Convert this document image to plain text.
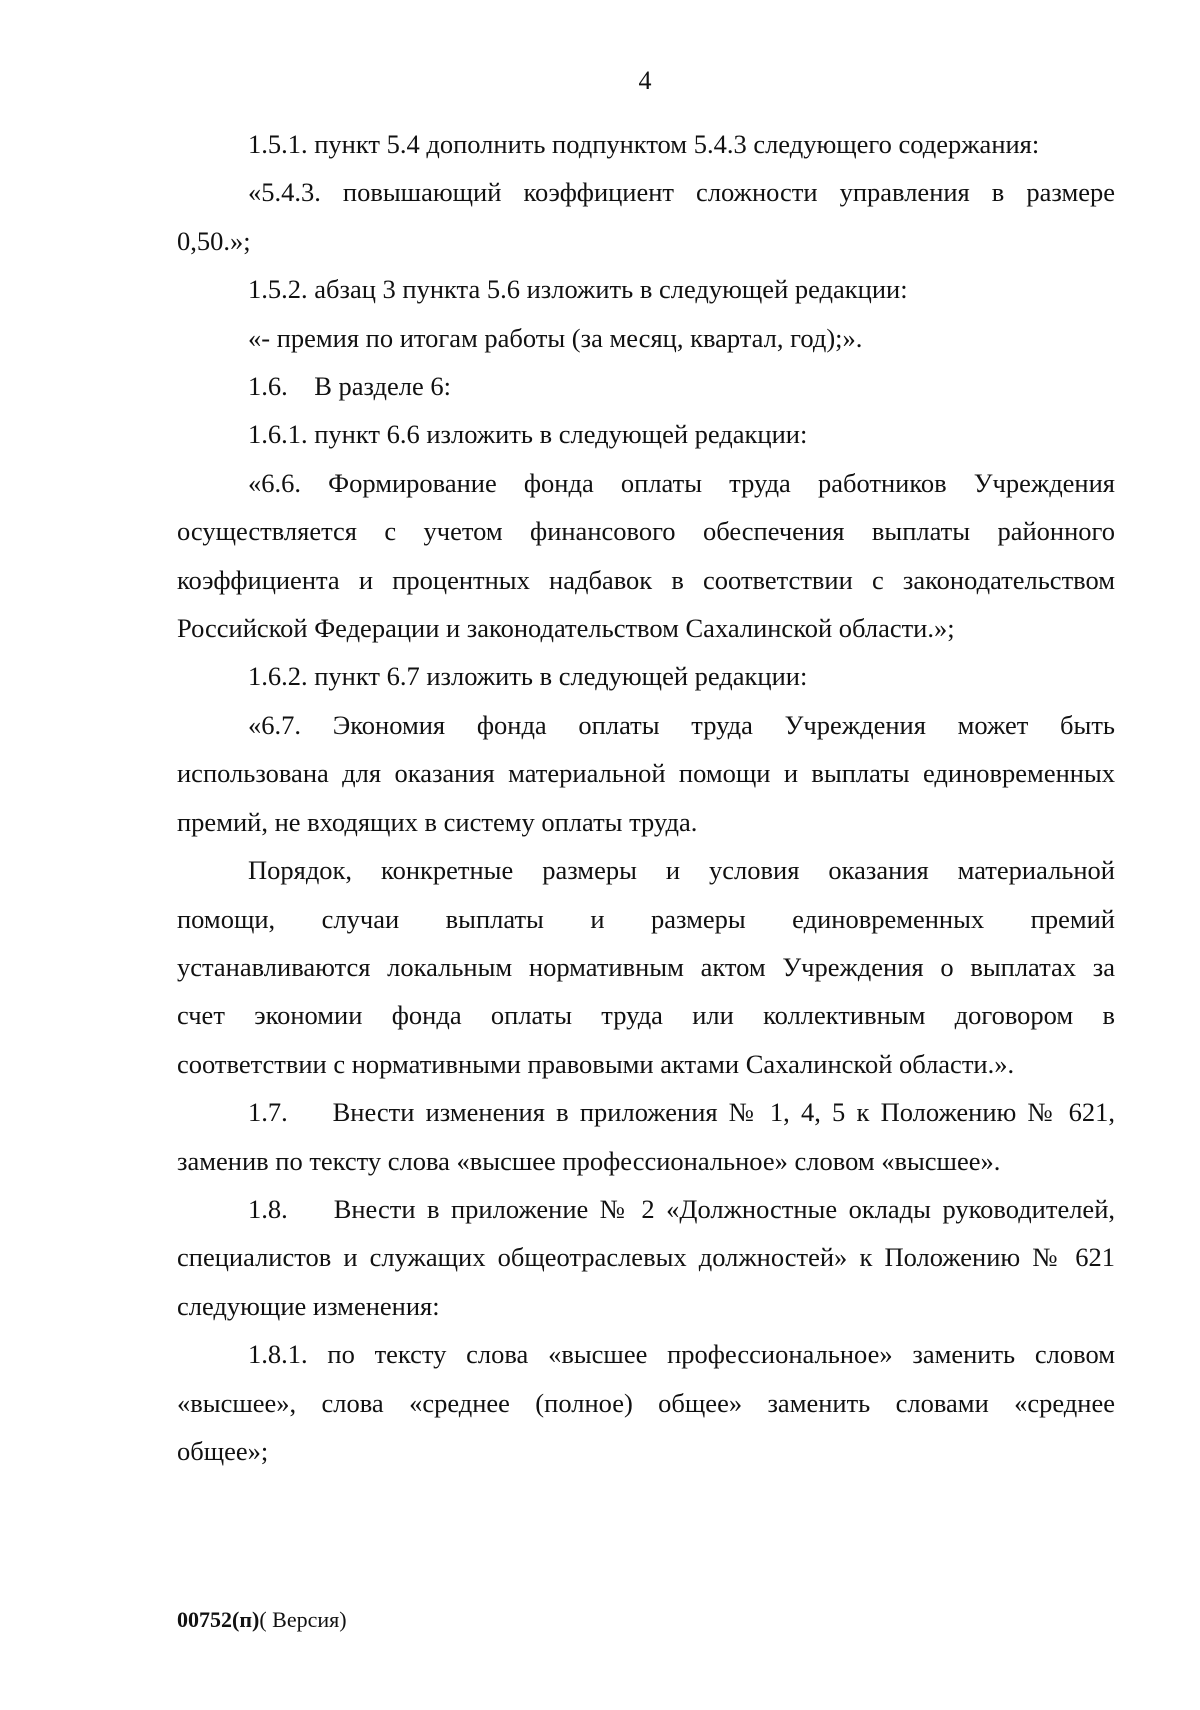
4
1.5.1. пункт 5.4 дополнить подпунктом 5.4.3 следующего содержания:
«5.4.3. повышающий коэффициент сложности управления в размере
0,50.»;
1.5.2. абзац 3 пункта 5.6 изложить в следующей редакции:
«- премия по итогам работы (за месяц, квартал, год);».
1.6.    В разделе 6:
1.6.1. пункт 6.6 изложить в следующей редакции:
«6.6. Формирование фонда оплаты труда работников Учреждения
осуществляется с учетом финансового обеспечения выплаты районного
коэффициента и процентных надбавок в соответствии с законодательством
Российской Федерации и законодательством Сахалинской области.»;
1.6.2. пункт 6.7 изложить в следующей редакции:
«6.7. Экономия фонда оплаты труда Учреждения может быть
использована для оказания материальной помощи и выплаты единовременных
премий, не входящих в систему оплаты труда.
Порядок, конкретные размеры и условия оказания материальной
помощи, случаи выплаты и размеры единовременных премий
устанавливаются локальным нормативным актом Учреждения о выплатах за
счет экономии фонда оплаты труда или коллективным договором в
соответствии с нормативными правовыми актами Сахалинской области.».
1.7.    Внести изменения в приложения № 1, 4, 5 к Положению № 621,
заменив по тексту слова «высшее профессиональное» словом «высшее».
1.8.    Внести в приложение № 2 «Должностные оклады руководителей,
специалистов и служащих общеотраслевых должностей» к Положению № 621
следующие изменения:
1.8.1. по тексту слова «высшее профессиональное» заменить словом
«высшее», слова «среднее (полное) общее» заменить словами «среднее
общее»;
00752(п)( Версия)
